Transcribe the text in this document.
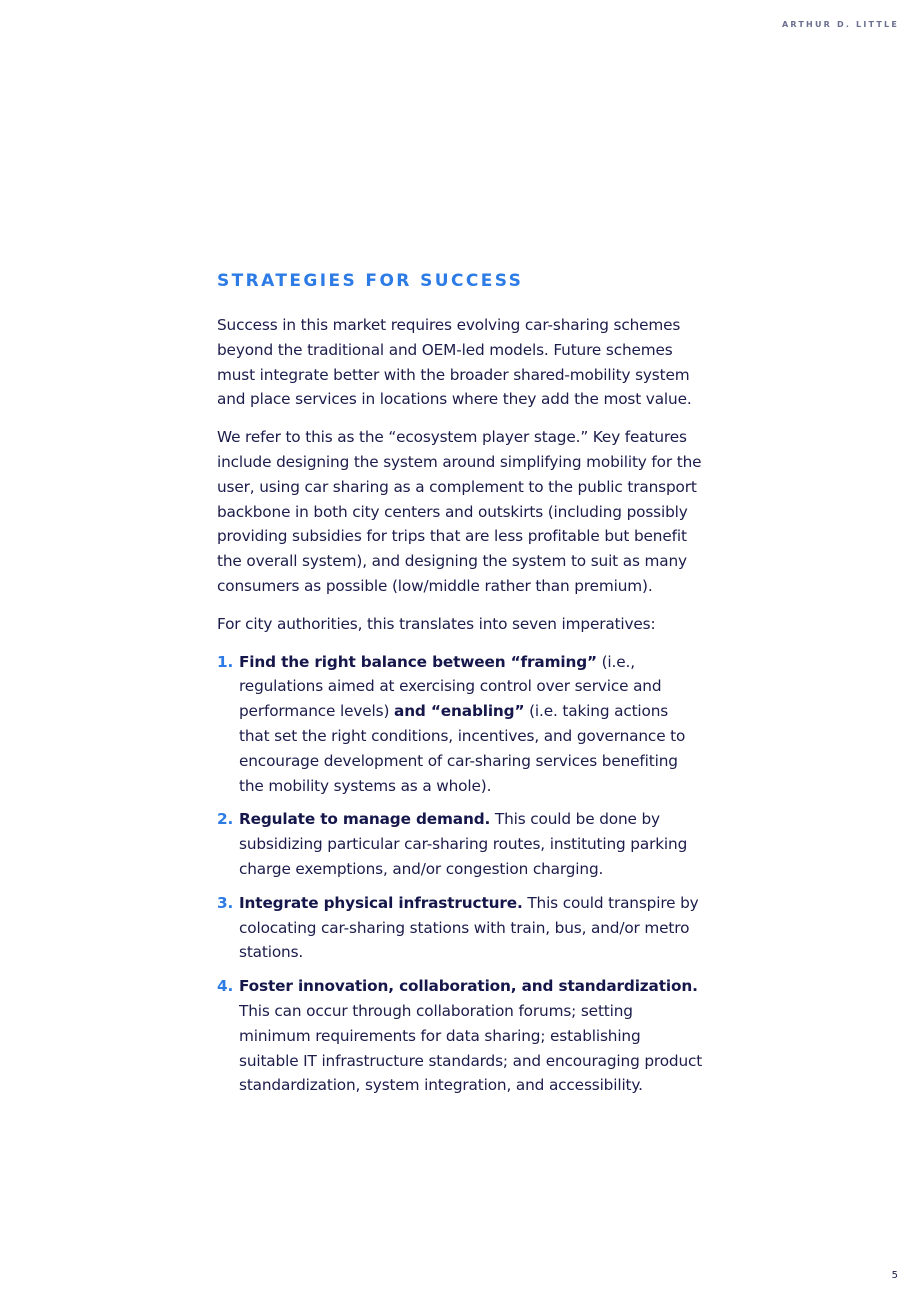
ARTHUR D. LITTLE
STRATEGIES FOR SUCCESS

Success in this market requires evolving car-sharing schemes beyond the traditional and OEM-led models. Future schemes must integrate better with the broader shared-mobility system and place services in locations where they add the most value.

We refer to this as the “ecosystem player stage.” Key features include designing the system around simplifying mobility for the user, using car sharing as a complement to the public transport backbone in both city centers and outskirts (including possibly providing subsidies for trips that are less profitable but benefit the overall system), and designing the system to suit as many consumers as possible (low/middle rather than premium).

For city authorities, this translates into seven imperatives:

1. Find the right balance between “framing” (i.e., regulations aimed at exercising control over service and performance levels) and “enabling” (i.e. taking actions that set the right conditions, incentives, and governance to encourage development of car-sharing services benefiting the mobility systems as a whole).
2. Regulate to manage demand. This could be done by subsidizing particular car-sharing routes, instituting parking charge exemptions, and/or congestion charging.
3. Integrate physical infrastructure. This could transpire by colocating car-sharing stations with train, bus, and/or metro stations.
4. Foster innovation, collaboration, and standardization. This can occur through collaboration forums; setting minimum requirements for data sharing; establishing suitable IT infrastructure standards; and encouraging product standardization, system integration, and accessibility.
5
